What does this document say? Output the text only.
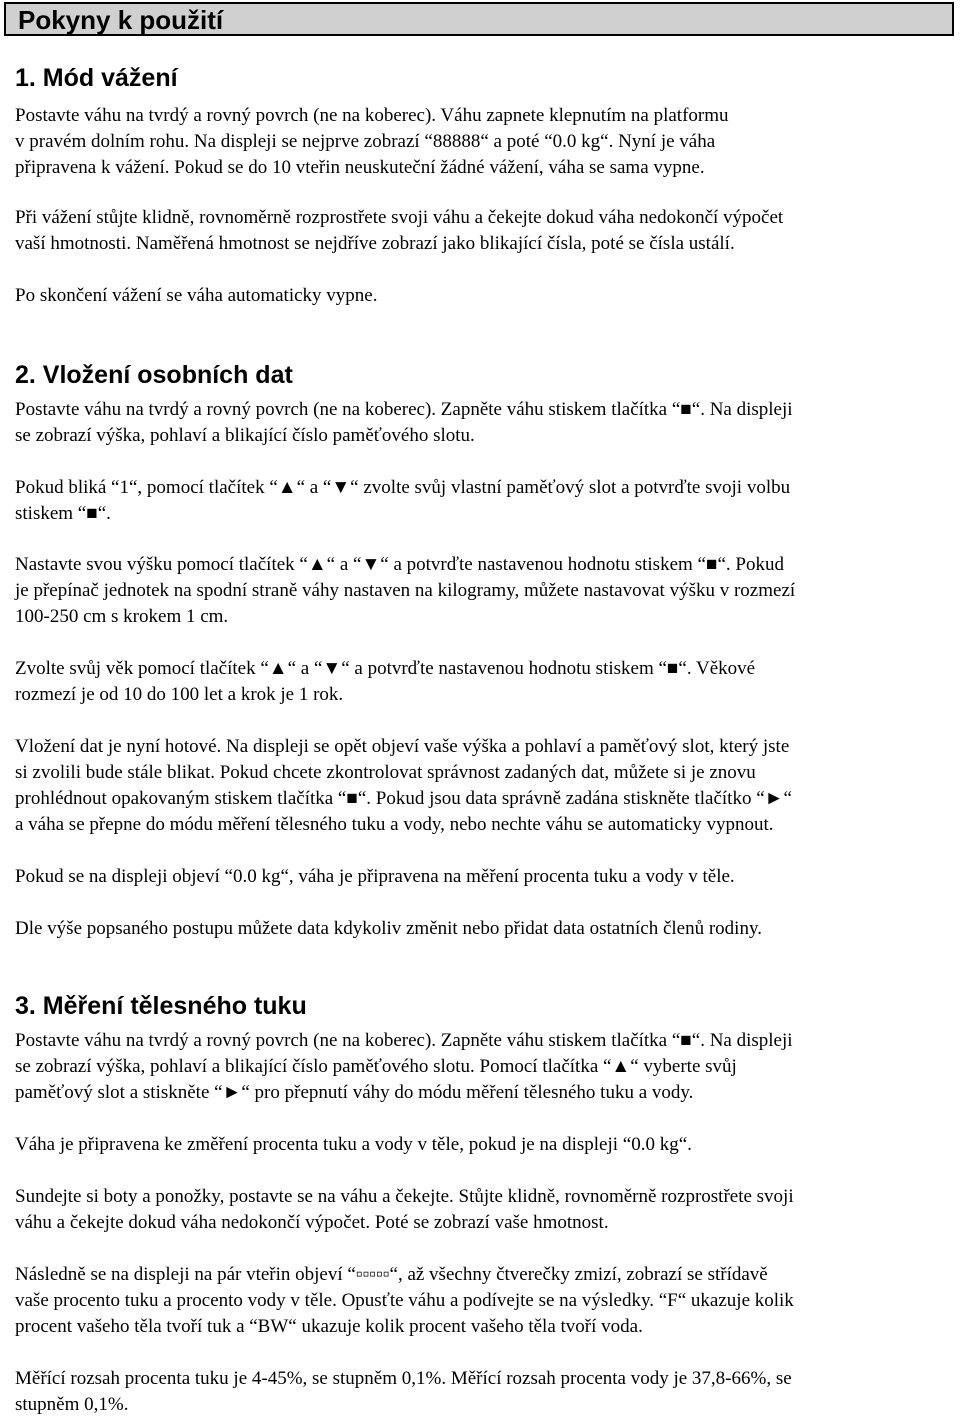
Pokyny k použití
1. Mód vážení

Postavte váhu na tvrdý a rovný povrch (ne na koberec). Váhu zapnete klepnutím na platformu
v pravém dolním rohu. Na displeji se nejprve zobrazí “88888“ a poté “0.0 kg“. Nyní je váha
připravena k vážení. Pokud se do 10 vteřin neuskuteční žádné vážení, váha se sama vypne.

Při vážení stůjte klidně, rovnoměrně rozprostřete svoji váhu a čekejte dokud váha nedokončí výpočet
vaší hmotnosti. Naměřená hmotnost se nejdříve zobrazí jako blikající čísla, poté se čísla ustálí.

Po skončení vážení se váha automaticky vypne.

2. Vložení osobních dat

Postavte váhu na tvrdý a rovný povrch (ne na koberec). Zapněte váhu stiskem tlačítka “■“. Na displeji
se zobrazí výška, pohlaví a blikající číslo paměťového slotu.

Pokud bliká “1“, pomocí tlačítek “▲“ a “▼“ zvolte svůj vlastní paměťový slot a potvrďte svoji volbu
stiskem “■“.

Nastavte svou výšku pomocí tlačítek “▲“ a “▼“ a potvrďte nastavenou hodnotu stiskem “■“. Pokud
je přepínač jednotek na spodní straně váhy nastaven na kilogramy, můžete nastavovat výšku v rozmezí
100-250 cm s krokem 1 cm.

Zvolte svůj věk pomocí tlačítek “▲“ a “▼“ a potvrďte nastavenou hodnotu stiskem “■“. Věkové
rozmezí je od 10 do 100 let a krok je 1 rok.

Vložení dat je nyní hotové. Na displeji se opět objeví vaše výška a pohlaví a paměťový slot, který jste
si zvolili bude stále blikat. Pokud chcete zkontrolovat správnost zadaných dat, můžete si je znovu
prohlédnout opakovaným stiskem tlačítka “■“. Pokud jsou data správně zadána stiskněte tlačítko “►“
a váha se přepne do módu měření tělesného tuku a vody, nebo nechte váhu se automaticky vypnout.

Pokud se na displeji objeví “0.0 kg“, váha je připravena na měření procenta tuku a vody v těle.

Dle výše popsaného postupu můžete data kdykoliv změnit nebo přidat data ostatních členů rodiny.

3. Měření tělesného tuku

Postavte váhu na tvrdý a rovný povrch (ne na koberec). Zapněte váhu stiskem tlačítka “■“. Na displeji
se zobrazí výška, pohlaví a blikající číslo paměťového slotu. Pomocí tlačítka “▲“ vyberte svůj
paměťový slot a stiskněte “►“ pro přepnutí váhy do módu měření tělesného tuku a vody.

Váha je připravena ke změření procenta tuku a vody v těle, pokud je na displeji “0.0 kg“.

Sundejte si boty a ponožky, postavte se na váhu a čekejte. Stůjte klidně, rovnoměrně rozprostřete svoji
váhu a čekejte dokud váha nedokončí výpočet. Poté se zobrazí vaše hmotnost.

Následně se na displeji na pár vteřin objeví “▫▫▫▫▫“, až všechny čtverečky zmizí, zobrazí se střídavě
vaše procento tuku a procento vody v těle. Opusťte váhu a podívejte se na výsledky. “F“ ukazuje kolik
procent vašeho těla tvoří tuk a “BW“ ukazuje kolik procent vašeho těla tvoří voda.

Měřící rozsah procenta tuku je 4-45%, se stupněm 0,1%. Měřící rozsah procenta vody je 37,8-66%, se
stupněm 0,1%.
